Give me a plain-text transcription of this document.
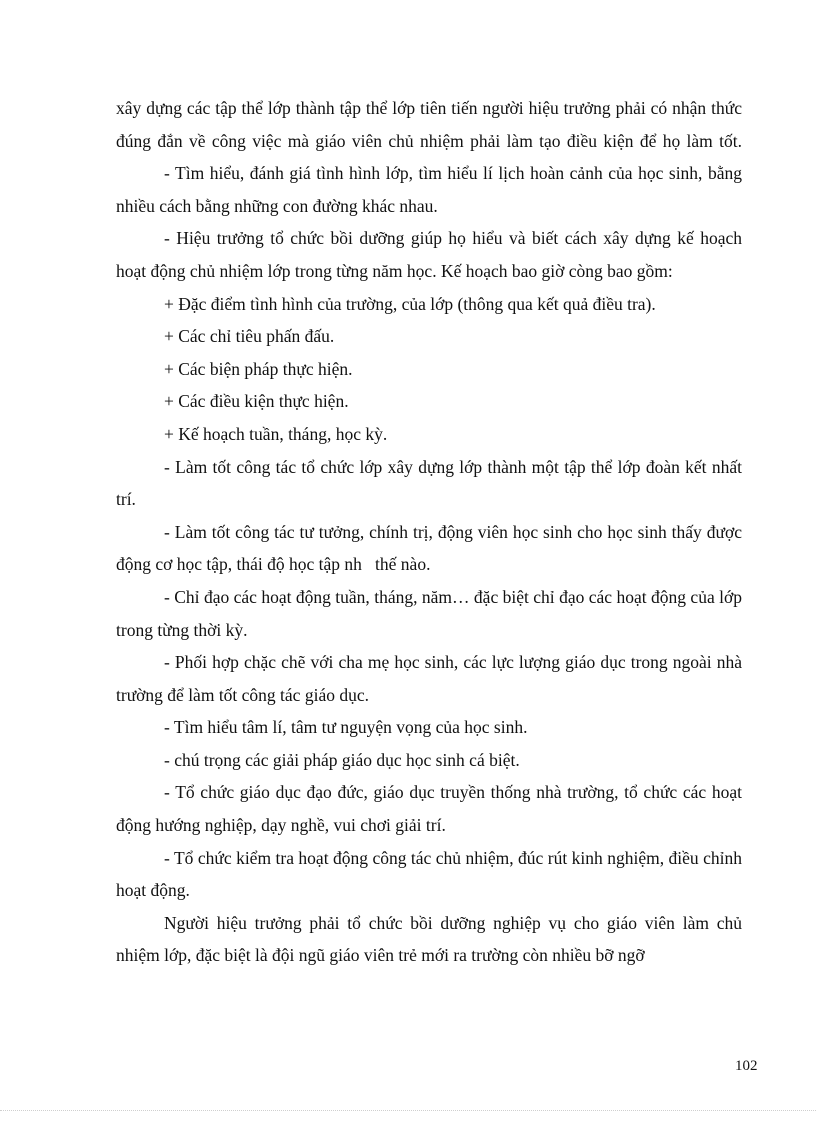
xây dựng các tập thể lớp thành tập thể lớp tiên tiến người hiệu trưởng phải có nhận thức đúng đắn về công việc mà giáo viên chủ nhiệm phải làm tạo điều kiện để họ làm tốt.

- Tìm hiểu, đánh giá tình hình lớp, tìm hiểu lí lịch hoàn cảnh của học sinh, bằng nhiều cách bằng những con đường khác nhau.

- Hiệu trưởng tổ chức bồi dưỡng giúp họ hiểu và biết cách xây dựng kế hoạch hoạt động chủ nhiệm lớp trong từng năm học. Kế hoạch bao giờ còng bao gồm:

+ Đặc điểm tình hình của trường, của lớp (thông qua kết quả điều tra).

+ Các chỉ tiêu phấn đấu.

+ Các biện pháp thực hiện.

+ Các điều kiện thực hiện.

+ Kế hoạch tuần, tháng, học kỳ.

- Làm tốt công tác tổ chức lớp xây dựng lớp thành một tập thể lớp đoàn kết nhất trí.

- Làm tốt công tác tư tưởng, chính trị, động viên học sinh cho học sinh thấy được động cơ học tập, thái độ học tập nh   thế nào.

- Chỉ đạo các hoạt động tuần, tháng, năm… đặc biệt chỉ đạo các hoạt động của lớp trong từng thời kỳ.

- Phối hợp chặc chẽ với cha mẹ học sinh, các lực lượng giáo dục trong ngoài nhà trường để làm tốt công tác giáo dục.

- Tìm hiểu tâm lí, tâm tư nguyện vọng của học sinh.

- chú trọng các giải pháp giáo dục học sinh cá biệt.

- Tổ chức giáo dục đạo đức, giáo dục truyền thống nhà trường, tổ chức các hoạt động hướng nghiệp, dạy nghề, vui chơi giải trí.

- Tổ chức kiểm tra hoạt động công tác chủ nhiệm, đúc rút kinh nghiệm, điều chỉnh hoạt động.

Người hiệu trưởng phải tổ chức bồi dưỡng nghiệp vụ cho giáo viên làm chủ nhiệm lớp, đặc biệt là đội ngũ giáo viên trẻ mới ra trường còn nhiều bỡ ngỡ

102
